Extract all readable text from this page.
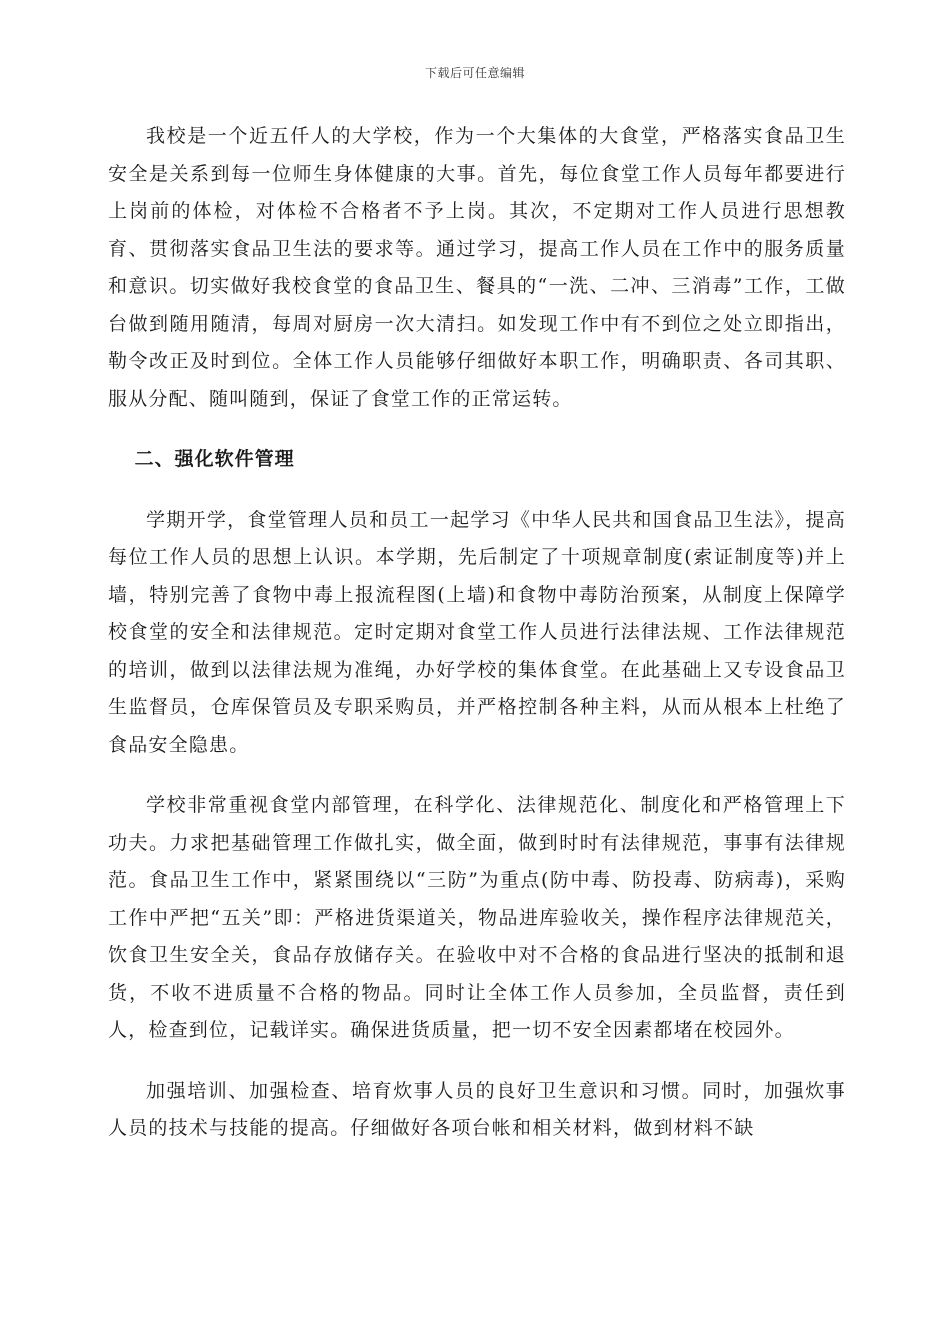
下载后可任意编辑

我校是一个近五仟人的大学校，作为一个大集体的大食堂，严格落实食品卫生安全是关系到每一位师生身体健康的大事。首先，每位食堂工作人员每年都要进行上岗前的体检，对体检不合格者不予上岗。其次，不定期对工作人员进行思想教育、贯彻落实食品卫生法的要求等。通过学习，提高工作人员在工作中的服务质量和意识。切实做好我校食堂的食品卫生、餐具的“一洗、二冲、三消毒”工作，工做台做到随用随清，每周对厨房一次大清扫。如发现工作中有不到位之处立即指出，勒令改正及时到位。全体工作人员能够仔细做好本职工作，明确职责、各司其职、服从分配、随叫随到，保证了食堂工作的正常运转。

二、强化软件管理

学期开学，食堂管理人员和员工一起学习《中华人民共和国食品卫生法》，提高每位工作人员的思想上认识。本学期，先后制定了十项规章制度(索证制度等)并上墙，特别完善了食物中毒上报流程图(上墙)和食物中毒防治预案，从制度上保障学校食堂的安全和法律规范。定时定期对食堂工作人员进行法律法规、工作法律规范的培训，做到以法律法规为准绳，办好学校的集体食堂。在此基础上又专设食品卫生监督员，仓库保管员及专职采购员，并严格控制各种主料，从而从根本上杜绝了食品安全隐患。

学校非常重视食堂内部管理，在科学化、法律规范化、制度化和严格管理上下功夫。力求把基础管理工作做扎实，做全面，做到时时有法律规范，事事有法律规范。食品卫生工作中，紧紧围绕以“三防”为重点(防中毒、防投毒、防病毒)，采购工作中严把“五关”即：严格进货渠道关，物品进库验收关，操作程序法律规范关，饮食卫生安全关，食品存放储存关。在验收中对不合格的食品进行坚决的抵制和退货，不收不进质量不合格的物品。同时让全体工作人员参加，全员监督，责任到人，检查到位，记载详实。确保进货质量，把一切不安全因素都堵在校园外。

加强培训、加强检查、培育炊事人员的良好卫生意识和习惯。同时，加强炊事人员的技术与技能的提高。仔细做好各项台帐和相关材料，做到材料不缺
